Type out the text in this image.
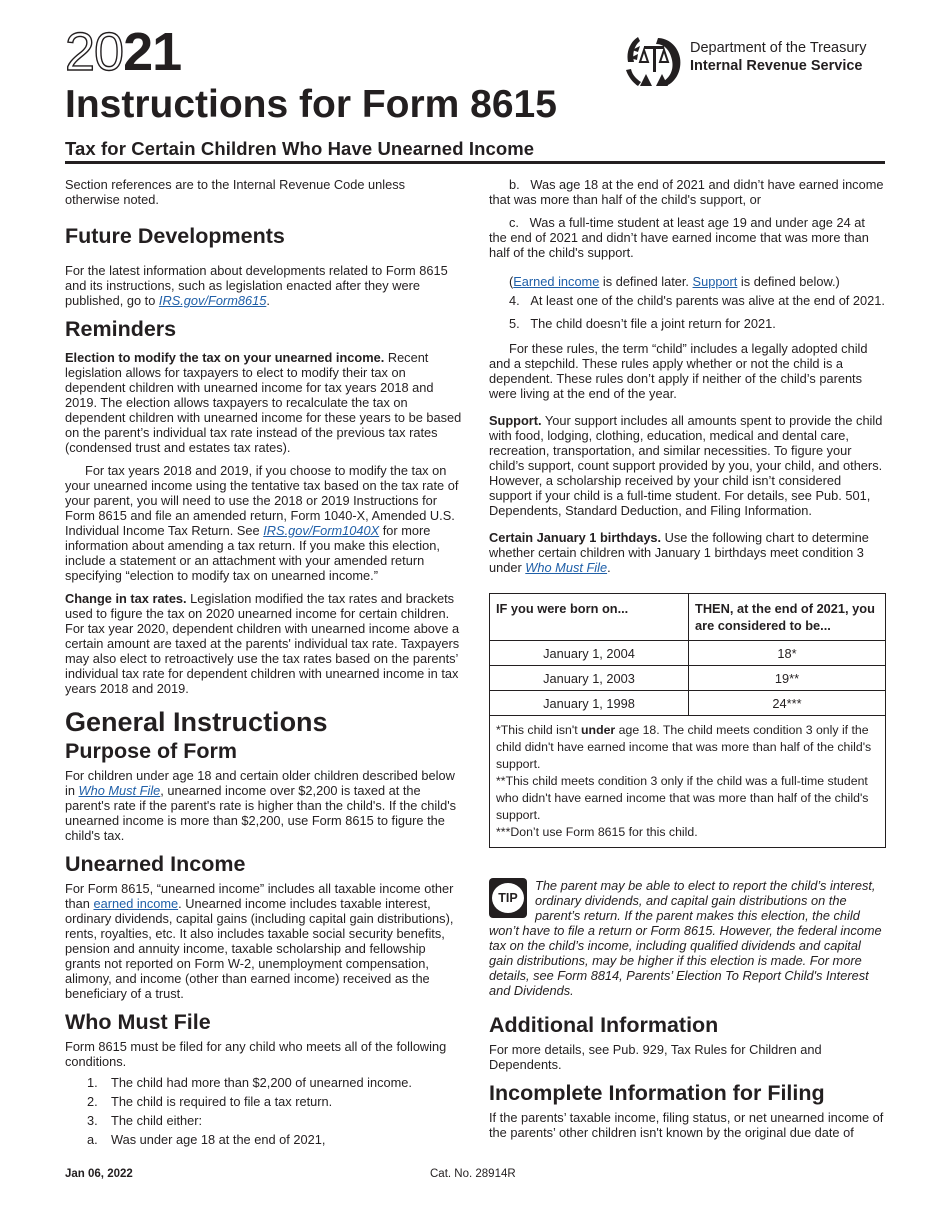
2021
Instructions for Form 8615
Tax for Certain Children Who Have Unearned Income
Department of the Treasury
Internal Revenue Service

Section references are to the Internal Revenue Code unless otherwise noted.

Future Developments

For the latest information about developments related to Form 8615 and its instructions, such as legislation enacted after they were published, go to IRS.gov/Form8615.

Reminders

Election to modify the tax on your unearned income. Recent legislation allows for taxpayers to elect to modify their tax on dependent children with unearned income for tax years 2018 and 2019. The election allows taxpayers to recalculate the tax on dependent children with unearned income for these years to be based on the parent’s individual tax rate instead of the previous tax rates (condensed trust and estates tax rates).

For tax years 2018 and 2019, if you choose to modify the tax on your unearned income using the tentative tax based on the tax rate of your parent, you will need to use the 2018 or 2019 Instructions for Form 8615 and file an amended return, Form 1040-X, Amended U.S. Individual Income Tax Return. See IRS.gov/Form1040X for more information about amending a tax return. If you make this election, include a statement or an attachment with your amended return specifying “election to modify tax on unearned income.”

Change in tax rates. Legislation modified the tax rates and brackets used to figure the tax on 2020 unearned income for certain children. For tax year 2020, dependent children with unearned income above a certain amount are taxed at the parents' individual tax rate. Taxpayers may also elect to retroactively use the tax rates based on the parents’ individual tax rate for dependent children with unearned income in tax years 2018 and 2019.

General Instructions
Purpose of Form

For children under age 18 and certain older children described below in Who Must File, unearned income over $2,200 is taxed at the parent's rate if the parent's rate is higher than the child's. If the child's unearned income is more than $2,200, use Form 8615 to figure the child's tax.

Unearned Income

For Form 8615, “unearned income” includes all taxable income other than earned income. Unearned income includes taxable interest, ordinary dividends, capital gains (including capital gain distributions), rents, royalties, etc. It also includes taxable social security benefits, pension and annuity income, taxable scholarship and fellowship grants not reported on Form W-2, unemployment compensation, alimony, and income (other than earned income) received as the beneficiary of a trust.

Who Must File

Form 8615 must be filed for any child who meets all of the following conditions.

1. The child had more than $2,200 of unearned income.
2. The child is required to file a tax return.
3. The child either:
a. Was under age 18 at the end of 2021,

b. Was age 18 at the end of 2021 and didn’t have earned income that was more than half of the child's support, or

c. Was a full-time student at least age 19 and under age 24 at the end of 2021 and didn’t have earned income that was more than half of the child's support.

(Earned income is defined later. Support is defined below.)

4. At least one of the child's parents was alive at the end of 2021.

5. The child doesn’t file a joint return for 2021.

For these rules, the term “child” includes a legally adopted child and a stepchild. These rules apply whether or not the child is a dependent. These rules don’t apply if neither of the child’s parents were living at the end of the year.

Support. Your support includes all amounts spent to provide the child with food, lodging, clothing, education, medical and dental care, recreation, transportation, and similar necessities. To figure your child’s support, count support provided by you, your child, and others. However, a scholarship received by your child isn’t considered support if your child is a full-time student. For details, see Pub. 501, Dependents, Standard Deduction, and Filing Information.

Certain January 1 birthdays. Use the following chart to determine whether certain children with January 1 birthdays meet condition 3 under Who Must File.

IF you were born on...	THEN, at the end of 2021, you are considered to be...
January 1, 2004	18*
January 1, 2003	19**
January 1, 1998	24***

*This child isn't under age 18. The child meets condition 3 only if the child didn't have earned income that was more than half of the child's support.
**This child meets condition 3 only if the child was a full-time student who didn't have earned income that was more than half of the child's support.
***Don’t use Form 8615 for this child.	
TIP
The parent may be able to elect to report the child’s interest, ordinary dividends, and capital gain distributions on the parent’s return. If the parent makes this election, the child won’t have to file a return or Form 8615. However, the federal income tax on the child’s income, including qualified dividends and capital gain distributions, may be higher if this election is made. For more details, see Form 8814, Parents’ Election To Report Child's Interest and Dividends.
Additional Information

For more details, see Pub. 929, Tax Rules for Children and Dependents.

Incomplete Information for Filing

If the parents’ taxable income, filing status, or net unearned income of the parents’ other children isn't known by the original due date of

Jan 06, 2022	Cat. No. 28914R
